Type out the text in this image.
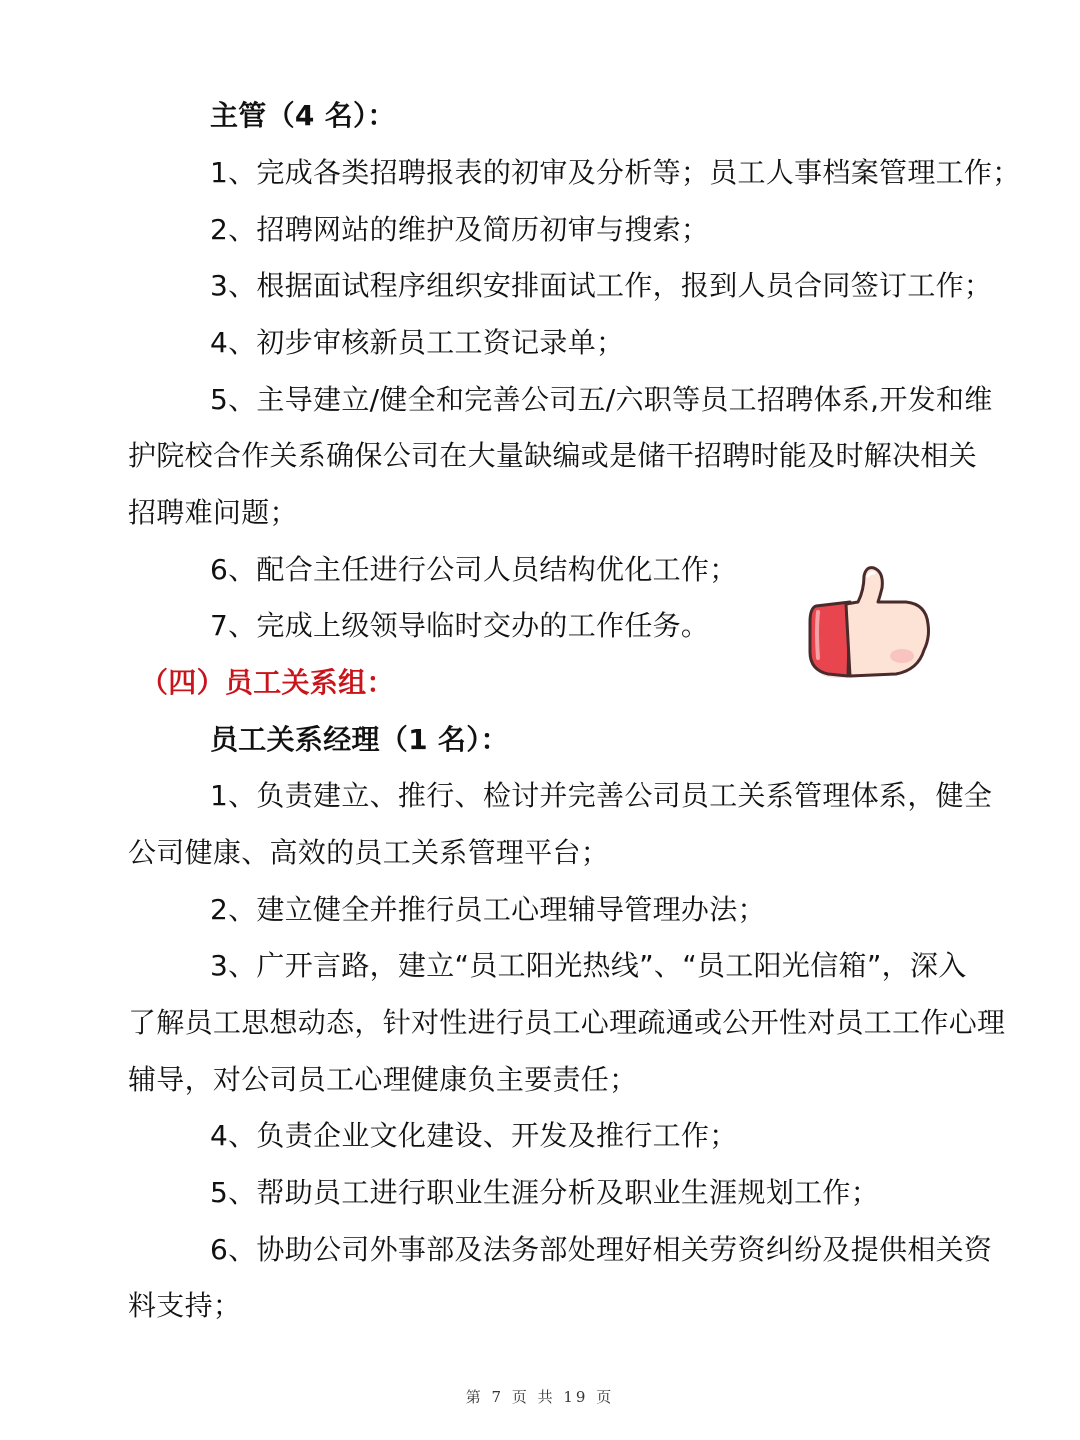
主管（4 名）：
1、完成各类招聘报表的初审及分析等；员工人事档案管理工作；
2、招聘网站的维护及简历初审与搜索；
3、根据面试程序组织安排面试工作，报到人员合同签订工作；
4、初步审核新员工工资记录单；
5、主导建立/健全和完善公司五/六职等员工招聘体系,开发和维
护院校合作关系确保公司在大量缺编或是储干招聘时能及时解决相关
招聘难问题；
6、配合主任进行公司人员结构优化工作；
7、完成上级领导临时交办的工作任务。
（四）员工关系组：
员工关系经理（1 名）：
1、负责建立、推行、检讨并完善公司员工关系管理体系，健全
公司健康、高效的员工关系管理平台；
2、建立健全并推行员工心理辅导管理办法；
3、广开言路，建立“员工阳光热线”、“员工阳光信箱”，深入
了解员工思想动态，针对性进行员工心理疏通或公开性对员工工作心理
辅导，对公司员工心理健康负主要责任；
4、负责企业文化建设、开发及推行工作；
5、帮助员工进行职业生涯分析及职业生涯规划工作；
6、协助公司外事部及法务部处理好相关劳资纠纷及提供相关资
料支持；
第 7 页 共 19 页
